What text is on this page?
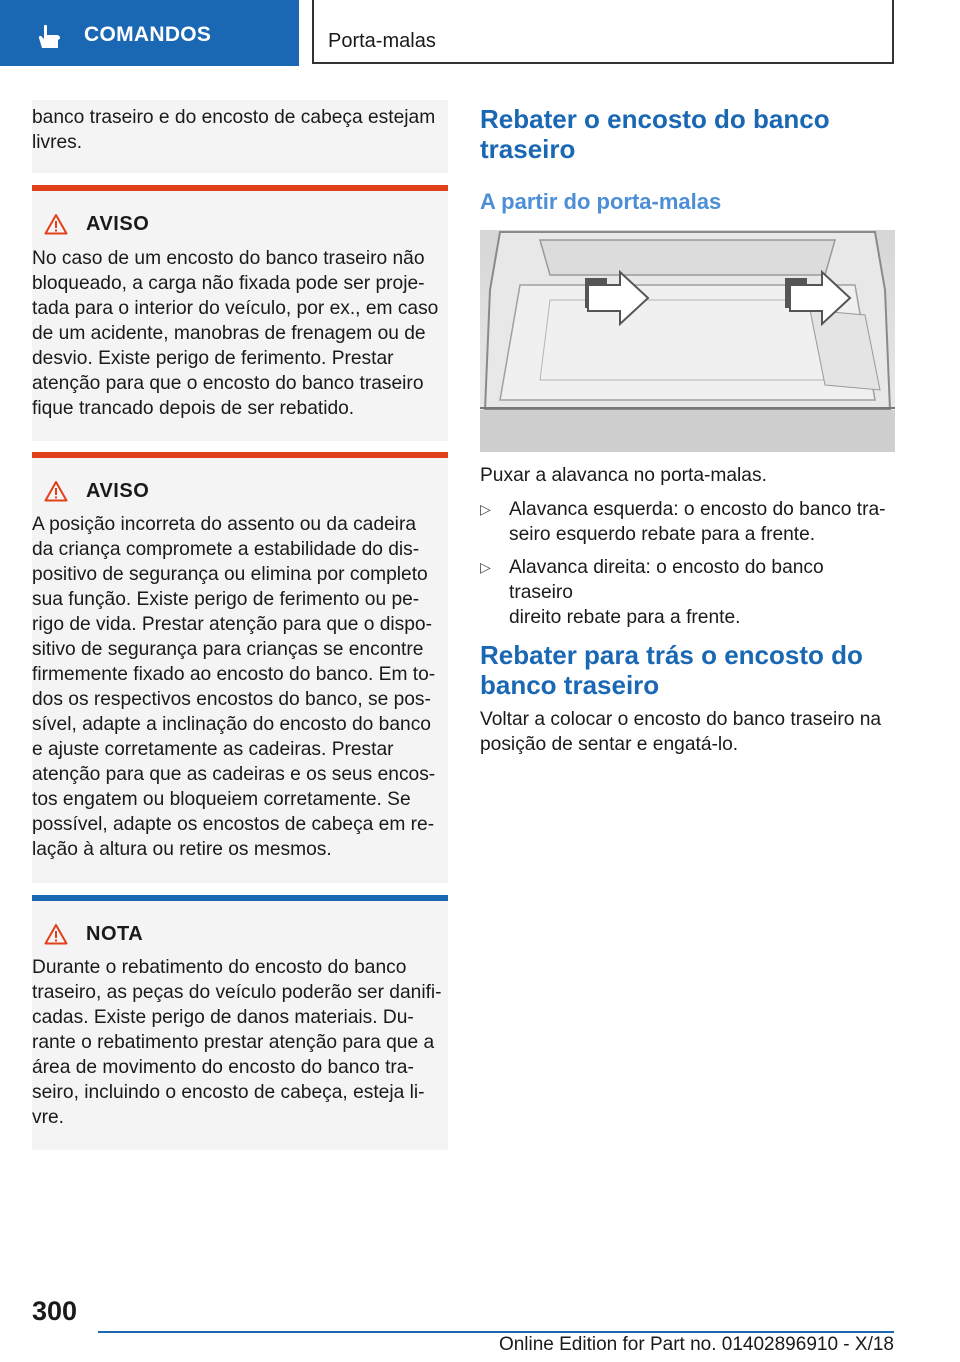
COMANDOS	Porta-malas
banco traseiro e do encosto de cabeça estejam
livres.
AVISO
No caso de um encosto do banco traseiro não
bloqueado, a carga não fixada pode ser proje-
tada para o interior do veículo, por ex., em caso
de um acidente, manobras de frenagem ou de
desvio. Existe perigo de ferimento. Prestar
atenção para que o encosto do banco traseiro
fique trancado depois de ser rebatido.
AVISO
A posição incorreta do assento ou da cadeira
da criança compromete a estabilidade do dis-
positivo de segurança ou elimina por completo
sua função. Existe perigo de ferimento ou pe-
rigo de vida. Prestar atenção para que o dispo-
sitivo de segurança para crianças se encontre
firmemente fixado ao encosto do banco. Em to-
dos os respectivos encostos do banco, se pos-
sível, adapte a inclinação do encosto do banco
e ajuste corretamente as cadeiras. Prestar
atenção para que as cadeiras e os seus encos-
tos engatem ou bloqueiem corretamente. Se
possível, adapte os encostos de cabeça em re-
lação à altura ou retire os mesmos.
NOTA
Durante o rebatimento do encosto do banco
traseiro, as peças do veículo poderão ser danifi-
cadas. Existe perigo de danos materiais. Du-
rante o rebatimento prestar atenção para que a
área de movimento do encosto do banco tra-
seiro, incluindo o encosto de cabeça, esteja li-
vre.
Rebater o encosto do banco
traseiro
A partir do porta-malas

Puxar a alavanca no porta-malas.

▷ Alavanca esquerda: o encosto do banco tra-
seiro esquerdo rebate para a frente.
▷ Alavanca direita: o encosto do banco traseiro
direito rebate para a frente.
Rebater para trás o encosto do
banco traseiro
Voltar a colocar o encosto do banco traseiro na
posição de sentar e engatá-lo.
300
Online Edition for Part no. 01402896910 - X/18
